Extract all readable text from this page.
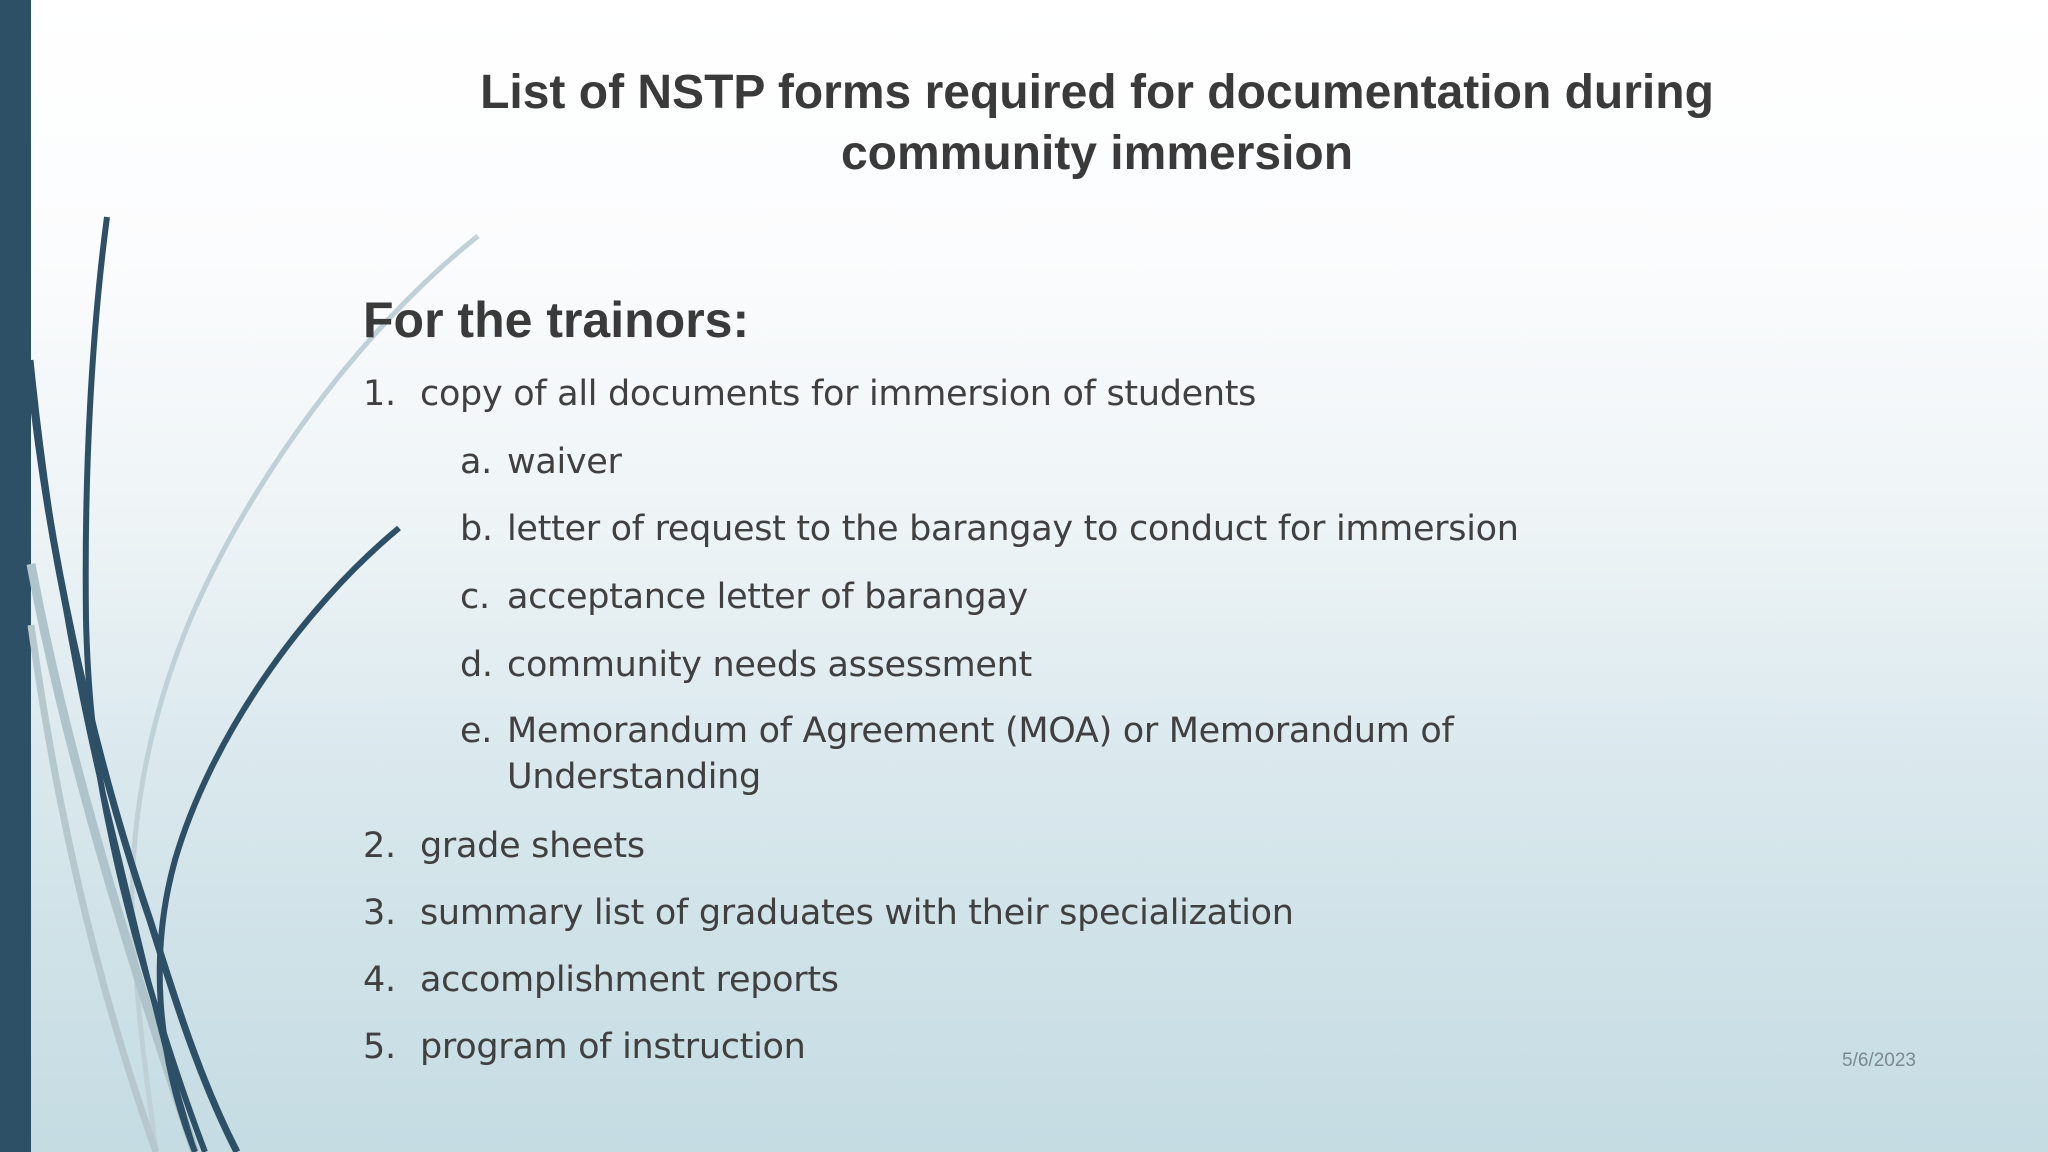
List of NSTP forms required for documentation during
community immersion
For the trainors:
1. copy of all documents for immersion of students
a. waiver
b. letter of request to the barangay to conduct for immersion
c. acceptance letter of barangay
d. community needs assessment
e. Memorandum of Agreement (MOA) or Memorandum of
Understanding
2. grade sheets
3. summary list of graduates with their specialization
4. accomplishment reports
5. program of instruction	5/6/2023
